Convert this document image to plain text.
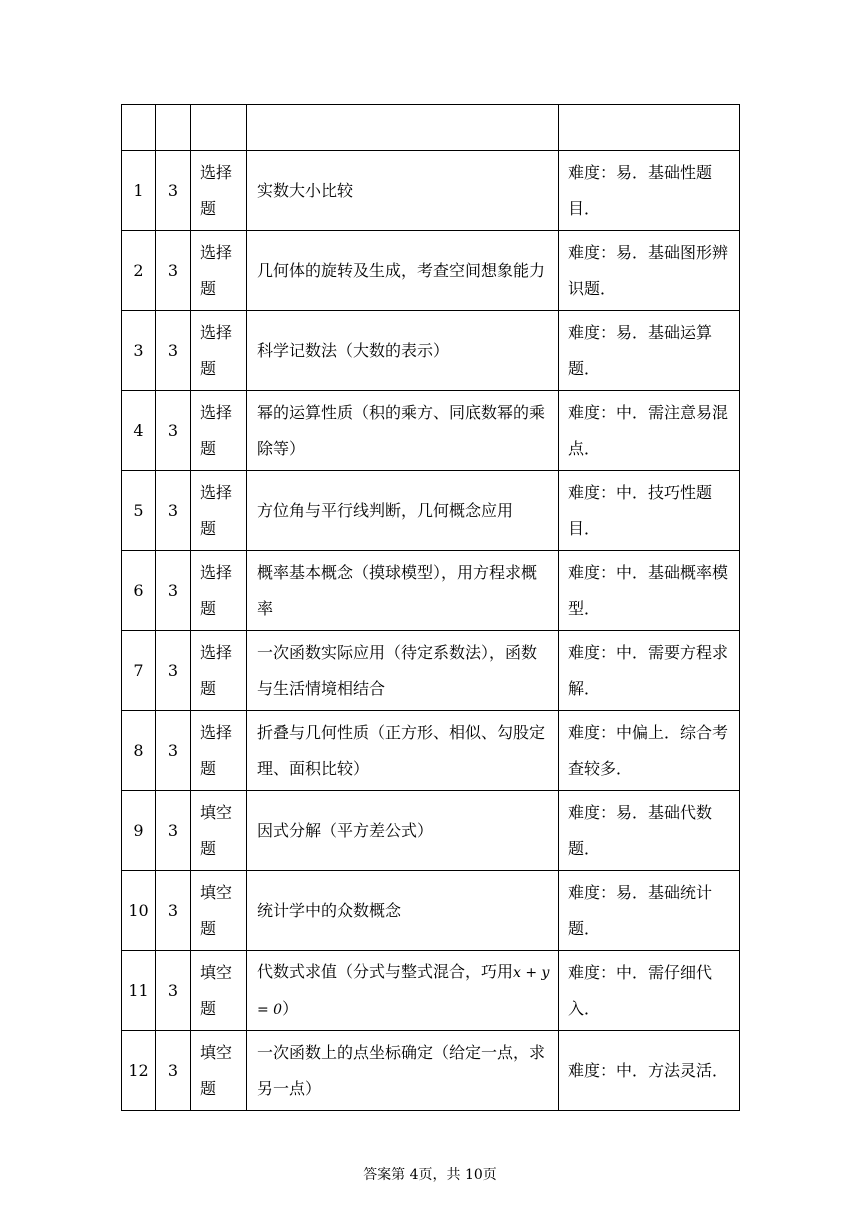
1	3	选择题	实数大小比较	难度：易．基础性题目．
2	3	选择题	几何体的旋转及生成，考查空间想象能力	难度：易．基础图形辨识题．
3	3	选择题	科学记数法（大数的表示）	难度：易．基础运算题．
4	3	选择题	幂的运算性质（积的乘方、同底数幂的乘除等）	难度：中．需注意易混点．
5	3	选择题	方位角与平行线判断，几何概念应用	难度：中．技巧性题目．
6	3	选择题	概率基本概念（摸球模型），用方程求概率	难度：中．基础概率模型．
7	3	选择题	一次函数实际应用（待定系数法），函数与生活情境相结合	难度：中．需要方程求解．
8	3	选择题	折叠与几何性质（正方形、相似、勾股定理、面积比较）	难度：中偏上．综合考查较多．
9	3	填空题	因式分解（平方差公式）	难度：易．基础代数题．
10	3	填空题	统计学中的众数概念	难度：易．基础统计题．
11	3	填空题	代数式求值（分式与整式混合，巧用x + y = 0）	难度：中．需仔细代入．
12	3	填空题	一次函数上的点坐标确定（给定一点，求另一点）	难度：中．方法灵活．
答案第 4页，共 10页
